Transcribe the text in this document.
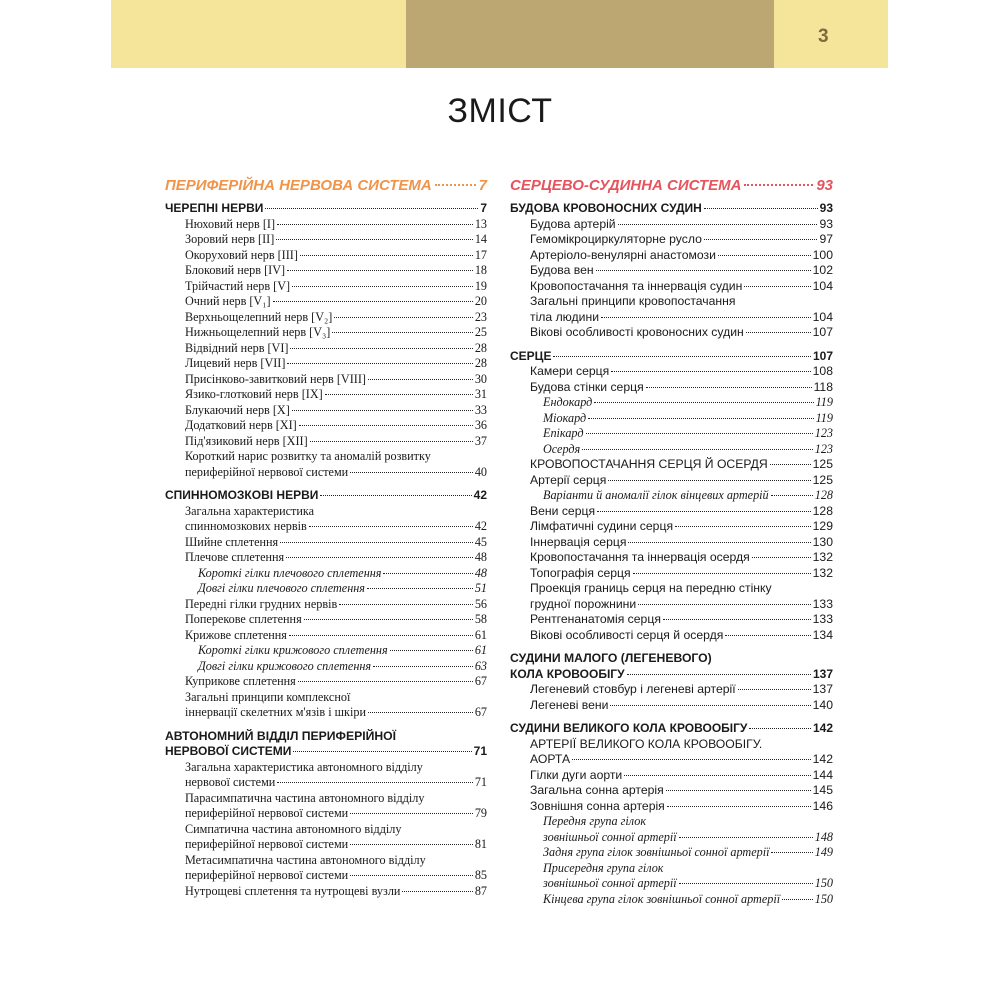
3
ЗМІСТ
ПЕРИФЕРІЙНА НЕРВОВА СИСТЕМА	7
ЧЕРЕПНІ НЕРВИ	7
Нюховий нерв [I]	13
Зоровий нерв [II]	14
Окоруховий нерв [III]	17
Блоковий нерв [IV]	18
Трійчастий нерв [V]	19
Очний нерв [V₁]	20
Верхньощелепний нерв [V₂]	23
Нижньощелепний нерв [V₃]	25
Відвідний нерв [VI]	28
Лицевий нерв [VII]	28
Присінково-завитковий нерв [VIII]	30
Язико-глотковий нерв [IX]	31
Блукаючий нерв [X]	33
Додатковий нерв [XI]	36
Під'язиковий нерв [XII]	37
Короткий нарис розвитку та аномалій розвитку
периферійної нервової системи	40
СПИННОМОЗКОВІ НЕРВИ	42
Загальна характеристика
спинномозкових нервів	42
Шийне сплетення	45
Плечове сплетення	48
Короткі гілки плечового сплетення	48
Довгі гілки плечового сплетення	51
Передні гілки грудних нервів	56
Поперекове сплетення	58
Крижове сплетення	61
Короткі гілки крижового сплетення	61
Довгі гілки крижового сплетення	63
Куприкове сплетення	67
Загальні принципи комплексної
іннервації скелетних м'язів і шкіри	67
АВТОНОМНИЙ ВІДДІЛ ПЕРИФЕРІЙНОЇ
НЕРВОВОЇ СИСТЕМИ	71
Загальна характеристика автономного відділу
нервової системи	71
Парасимпатична частина автономного відділу
периферійної нервової системи	79
Симпатична частина автономного відділу
периферійної нервової системи	81
Метасимпатична частина автономного відділу
периферійної нервової системи	85
Нутрощеві сплетення та нутрощеві вузли	87
СЕРЦЕВО-СУДИННА СИСТЕМА	93
БУДОВА КРОВОНОСНИХ СУДИН	93
Будова артерій	93
Гемомікроциркуляторне русло	97
Артеріоло-венулярні анастомози	100
Будова вен	102
Кровопостачання та іннервація судин	104
Загальні принципи кровопостачання
тіла людини	104
Вікові особливості кровоносних судин	107
СЕРЦЕ	107
Камери серця	108
Будова стінки серця	118
Ендокард	119
Міокард	119
Епікард	123
Осердя	123
КРОВОПОСТАЧАННЯ СЕРЦЯ Й ОСЕРДЯ	125
Артерії серця	125
Варіанти й аномалії гілок вінцевих артерій	128
Вени серця	128
Лімфатичні судини серця	129
Іннервація серця	130
Кровопостачання та іннервація осердя	132
Топографія серця	132
Проекція границь серця на передню стінку
грудної порожнини	133
Рентгенанатомія серця	133
Вікові особливості серця й осердя	134
СУДИНИ МАЛОГО (ЛЕГЕНЕВОГО)
КОЛА КРОВООБІГУ	137
Легеневий стовбур і легеневі артерії	137
Легеневі вени	140
СУДИНИ ВЕЛИКОГО КОЛА КРОВООБІГУ	142
АРТЕРІЇ ВЕЛИКОГО КОЛА КРОВООБІГУ.
АОРТА	142
Гілки дуги аорти	144
Загальна сонна артерія	145
Зовнішня сонна артерія	146
Передня група гілок
зовнішньої сонної артерії	148
Задня група гілок зовнішньої сонної артерії	149
Присередня група гілок
зовнішньої сонної артерії	150
Кінцева група гілок зовнішньої сонної артерії	150
